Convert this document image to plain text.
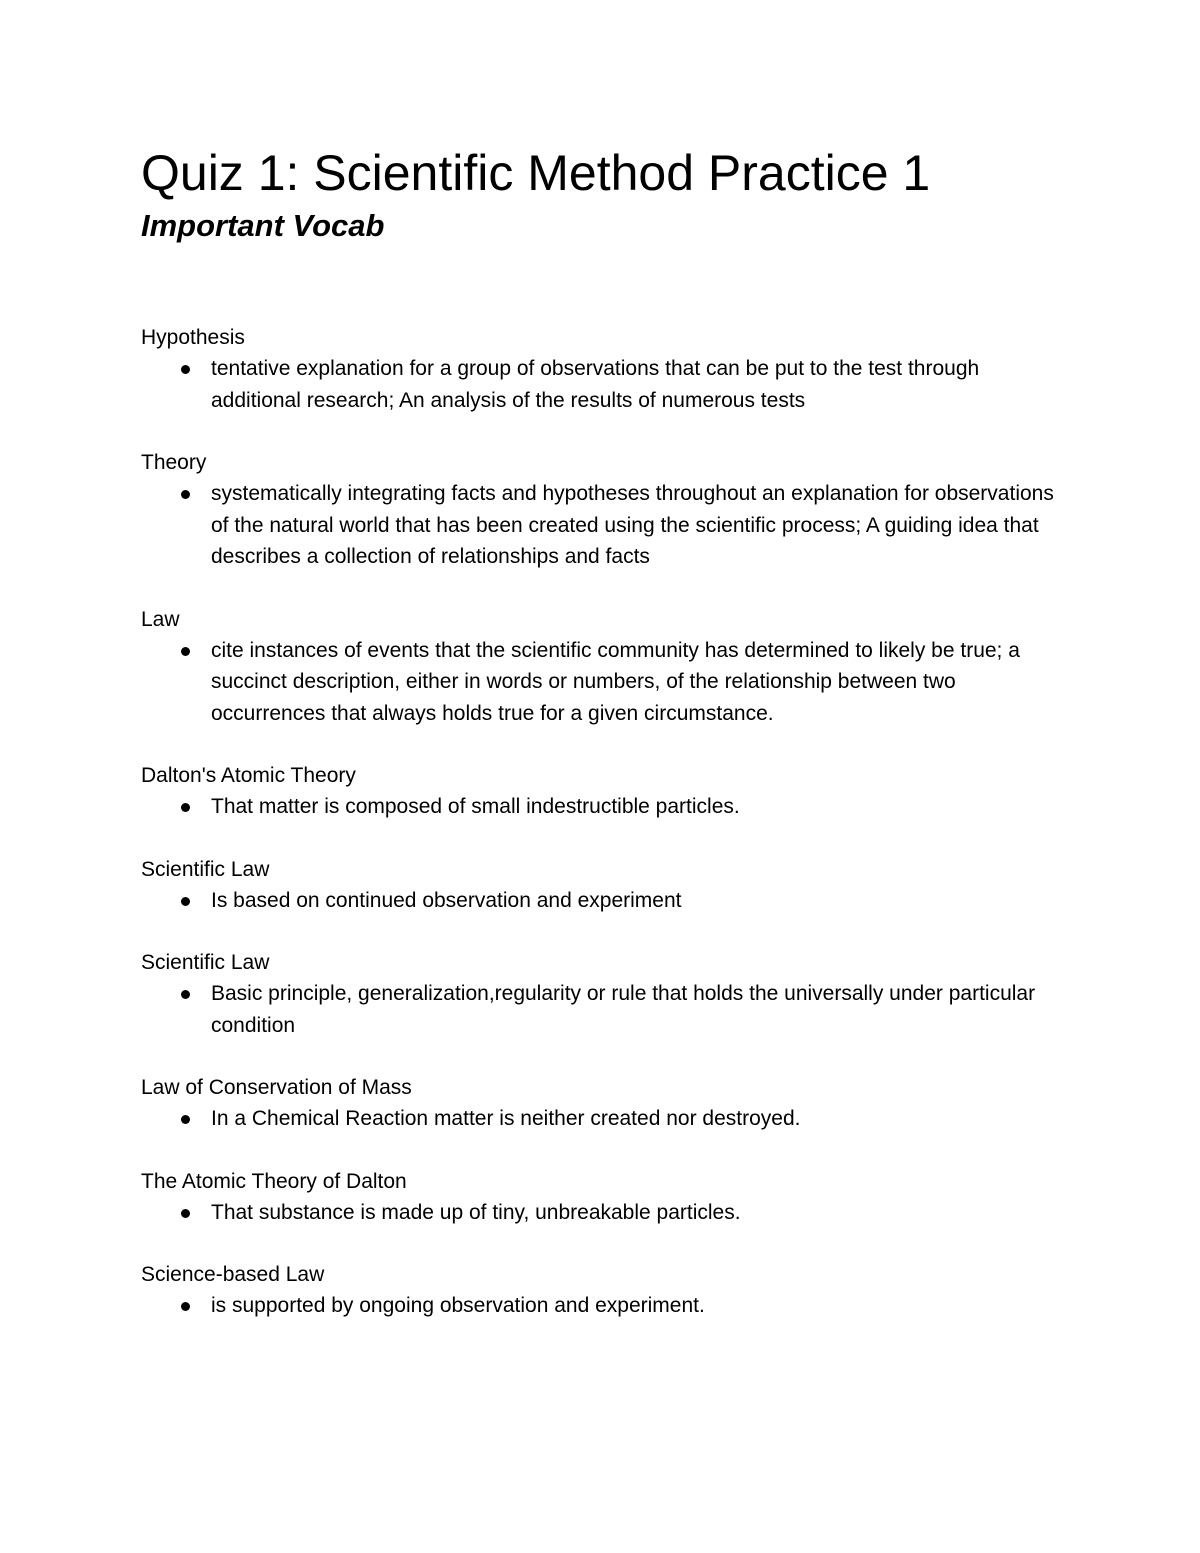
Quiz 1: Scientific Method Practice 1
Important Vocab

Hypothesis

tentative explanation for a group of observations that can be put to the test through additional research; An analysis of the results of numerous tests

Theory

systematically integrating facts and hypotheses throughout an explanation for observations of the natural world that has been created using the scientific process; A guiding idea that describes a collection of relationships and facts

Law

cite instances of events that the scientific community has determined to likely be true; a succinct description, either in words or numbers, of the relationship between two occurrences that always holds true for a given circumstance.

Dalton's Atomic Theory

That matter is composed of small indestructible particles.

Scientific Law

Is based on continued observation and experiment

Scientific Law

Basic principle, generalization,regularity or rule that holds the universally under particular condition

Law of Conservation of Mass

In a Chemical Reaction matter is neither created nor destroyed.

The Atomic Theory of Dalton

That substance is made up of tiny, unbreakable particles.

Science-based Law

is supported by ongoing observation and experiment.
